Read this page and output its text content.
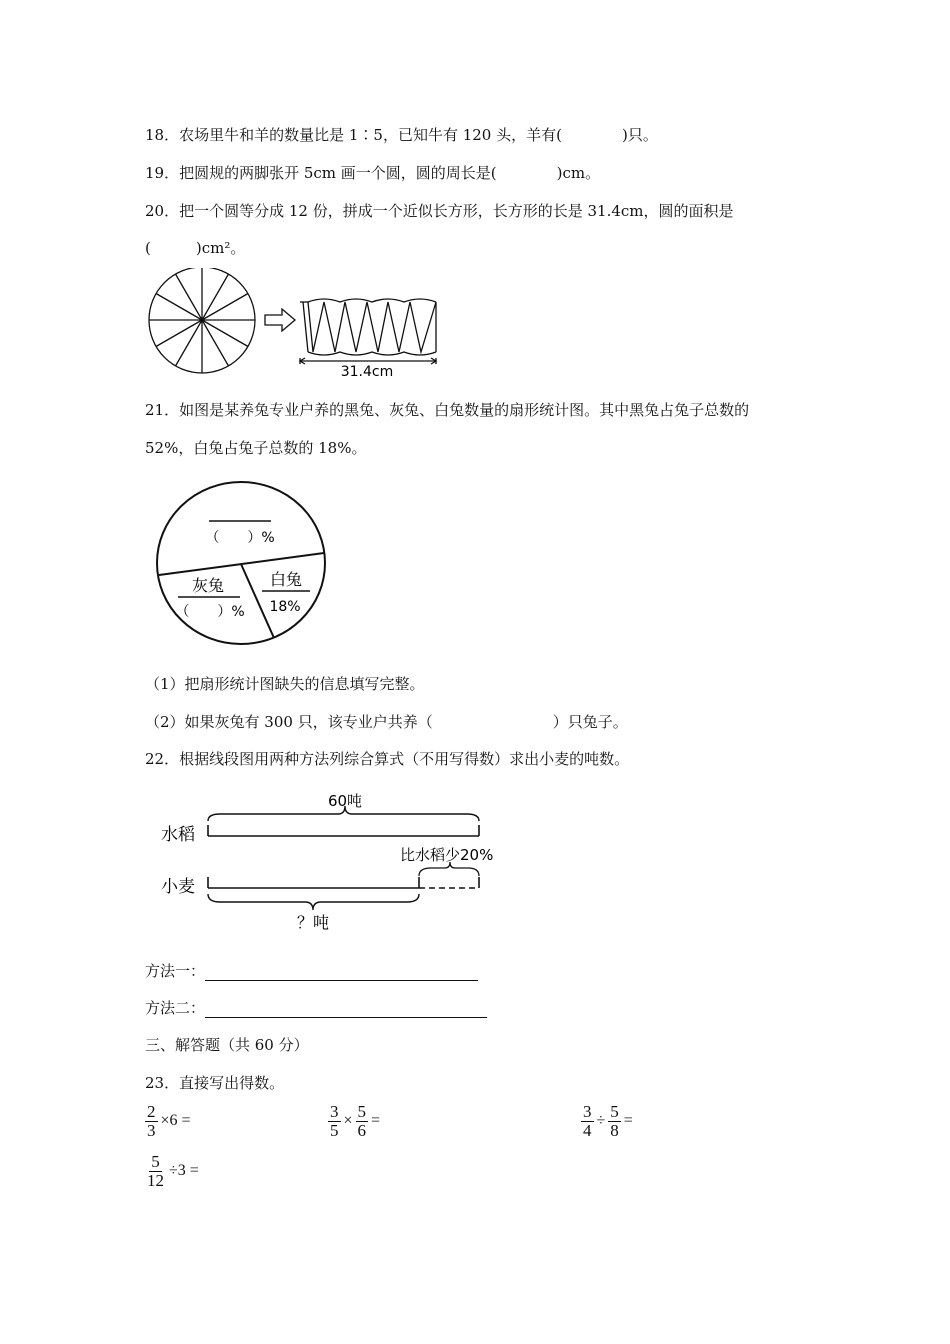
18．农场里牛和羊的数量比是 1∶5，已知牛有 120 头，羊有(　　　　)只。
19．把圆规的两脚张开 5cm 画一个圆，圆的周长是(　　　　)cm。
20．把一个圆等分成 12 份，拼成一个近似长方形，长方形的长是 31.4cm，圆的面积是
(　　　)cm²。
31.4cm
21．如图是某养兔专业户养的黑兔、灰兔、白兔数量的扇形统计图。其中黑兔占兔子总数的
52%，白兔占兔子总数的 18%。
（　　）%
灰兔
（　　）%
白兔
18%
（1）把扇形统计图缺失的信息填写完整。
（2）如果灰兔有 300 只，该专业户共养（　　　　　　　　）只兔子。
22．根据线段图用两种方法列综合算式（不用写得数）求出小麦的吨数。
60吨
水稻
比水稻少20%
小麦
？吨
方法一：
方法二：
三、解答题（共 60 分）
23．直接写出得数。
$\frac{2}{3} \times 6$ =	$\frac{3}{5} \times \frac{5}{6}$ =	$\frac{3}{4} \div \frac{5}{8}$ =
$\frac{5}{12} \div 3$ =
